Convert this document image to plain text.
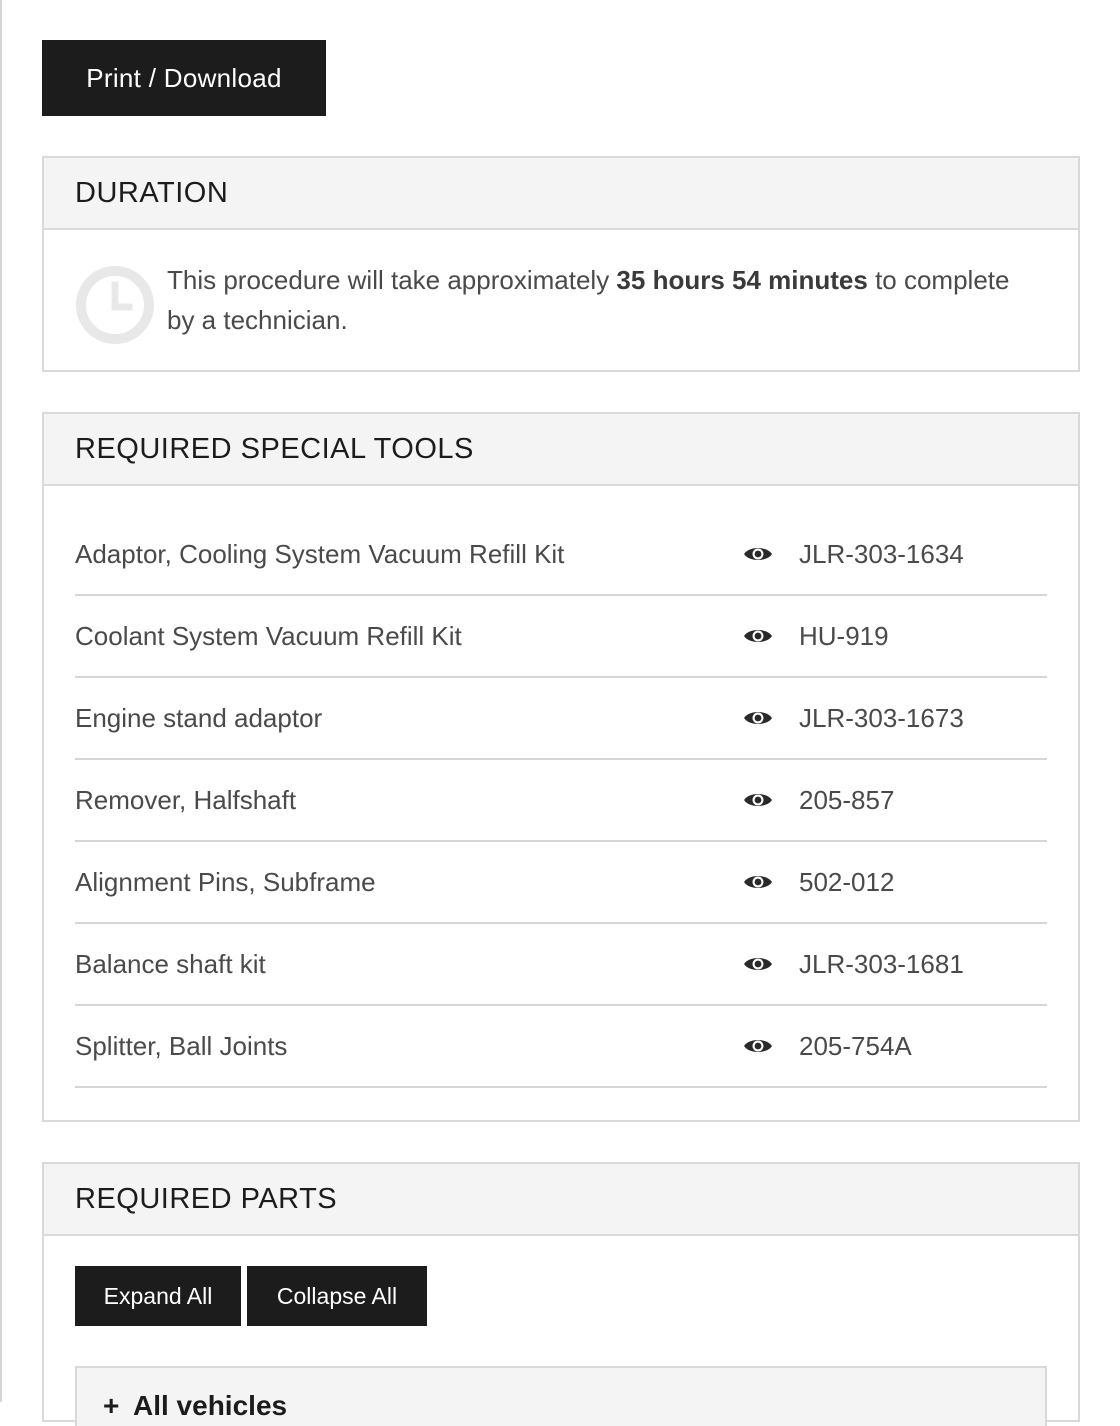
Print / Download
DURATION

This procedure will take approximately 35 hours 54 minutes to complete by a technician.

REQUIRED SPECIAL TOOLS
Adaptor, Cooling System Vacuum Refill Kit	JLR-303-1634
Coolant System Vacuum Refill Kit	HU-919
Engine stand adaptor	JLR-303-1673
Remover, Halfshaft	205-857
Alignment Pins, Subframe	502-012
Balance shaft kit	JLR-303-1681
Splitter, Ball Joints	205-754A
REQUIRED PARTS
Expand All	Collapse All
+ All vehicles
